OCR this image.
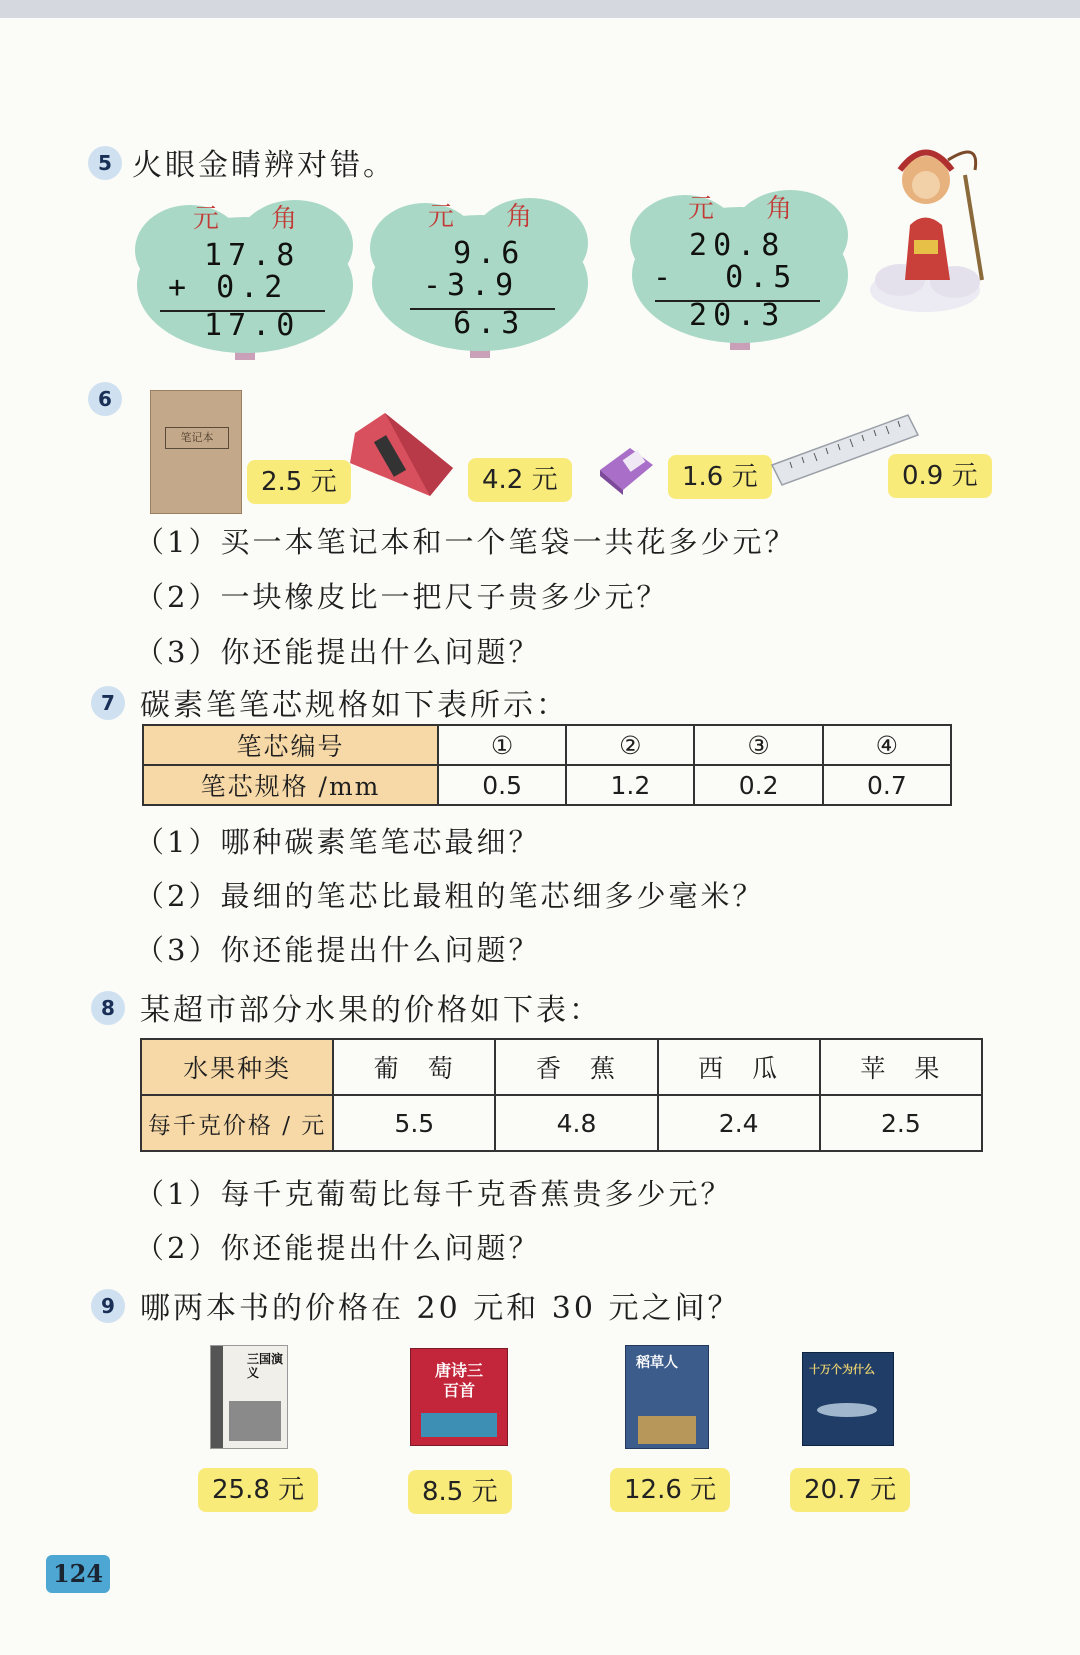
5 火眼金睛辨对错。
元 角
17.8
+ 0.2
17.0
元 角
9.6
-3.9
6.3
元 角
20.8
-  0.5
20.3
6
笔记本
2.5 元	4.2 元	1.6 元	0.9 元
（1）买一本笔记本和一个笔袋一共花多少元？
（2）一块橡皮比一把尺子贵多少元？
（3）你还能提出什么问题？
7 碳素笔笔芯规格如下表所示：
笔芯编号	①	②	③	④
笔芯规格 /mm	0.5	1.2	0.2	0.7
（1）哪种碳素笔笔芯最细？
（2）最细的笔芯比最粗的笔芯细多少毫米？
（3）你还能提出什么问题？
8 某超市部分水果的价格如下表：
水果种类	葡　萄	香　蕉	西　瓜	苹　果
每千克价格 / 元	5.5	4.8	2.4	2.5
（1）每千克葡萄比每千克香蕉贵多少元？
（2）你还能提出什么问题？
9 哪两本书的价格在 20 元和 30 元之间？
三国演义
25.8 元
唐诗三百首
8.5 元
稻草人
12.6 元
十万个为什么
20.7 元
124
